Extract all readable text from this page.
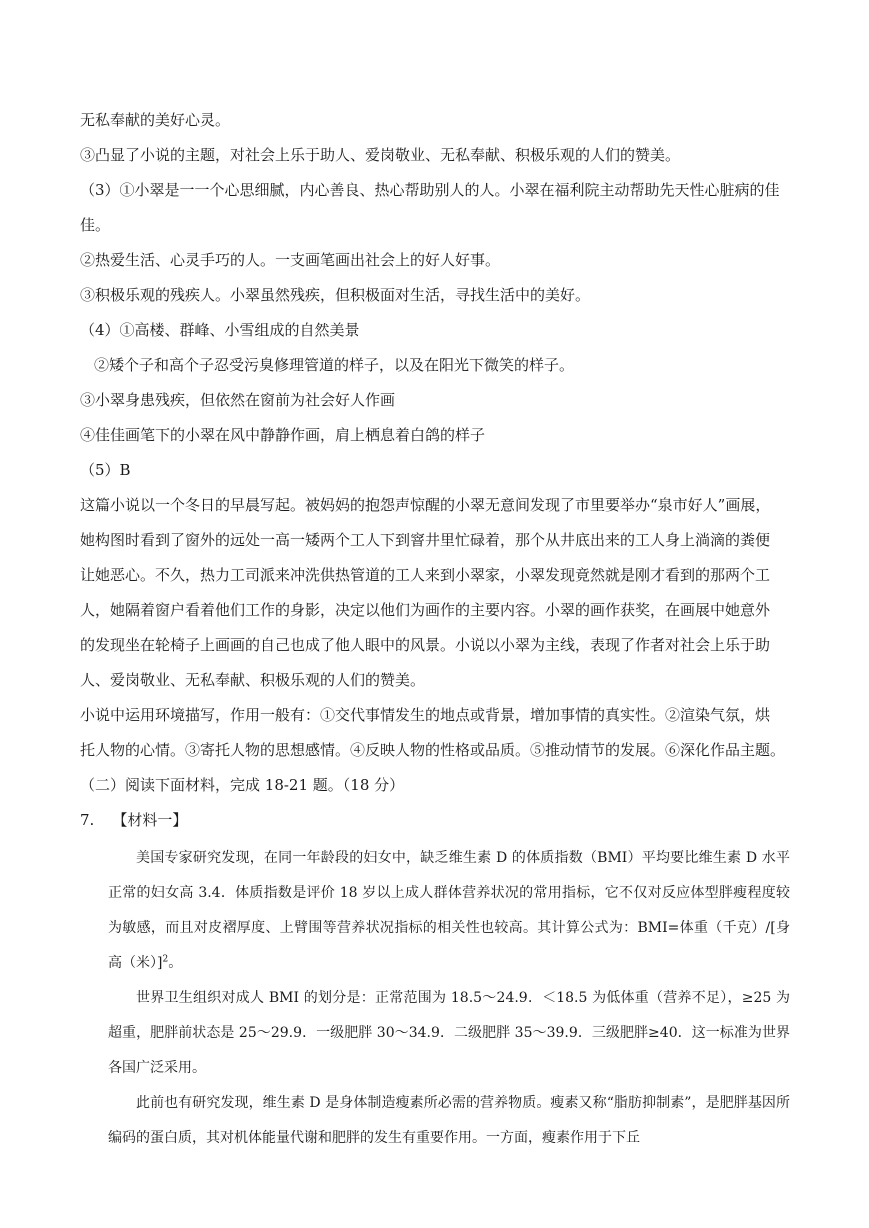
无私奉献的美好心灵。
③凸显了小说的主题，对社会上乐于助人、爱岗敬业、无私奉献、积极乐观的人们的赞美。
（3）①小翠是一一个心思细腻，内心善良、热心帮助别人的人。小翠在福利院主动帮助先天性心脏病的佳
佳。
②热爱生活、心灵手巧的人。一支画笔画出社会上的好人好事。
③积极乐观的残疾人。小翠虽然残疾，但积极面对生活，寻找生活中的美好。
（4）①高楼、群峰、小雪组成的自然美景
②矮个子和高个子忍受污臭修理管道的样子，以及在阳光下微笑的样子。
③小翠身患残疾，但依然在窗前为社会好人作画
④佳佳画笔下的小翠在风中静静作画，肩上栖息着白鸽的样子
（5）B
这篇小说以一个冬日的早晨写起。被妈妈的抱怨声惊醒的小翠无意间发现了市里要举办“泉市好人”画展，
她构图时看到了窗外的远处一高一矮两个工人下到窨井里忙碌着，那个从井底出来的工人身上淌滴的粪便
让她恶心。不久，热力工司派来冲洗供热管道的工人来到小翠家，小翠发现竟然就是刚才看到的那两个工
人，她隔着窗户看着他们工作的身影，决定以他们为画作的主要内容。小翠的画作获奖，在画展中她意外
的发现坐在轮椅子上画画的自己也成了他人眼中的风景。小说以小翠为主线，表现了作者对社会上乐于助
人、爱岗敬业、无私奉献、积极乐观的人们的赞美。
小说中运用环境描写，作用一般有：①交代事情发生的地点或背景，增加事情的真实性。②渲染气氛，烘
托人物的心情。③寄托人物的思想感情。④反映人物的性格或品质。⑤推动情节的发展。⑥深化作品主题。
（二）阅读下面材料，完成 18-21 题。（18 分）
7. 【材料一】
美国专家研究发现，在同一年龄段的妇女中，缺乏维生素 D 的体质指数（BMI）平均要比维生素 D 水平正常的妇女高 3.4．体质指数是评价 18 岁以上成人群体营养状况的常用指标，它不仅对反应体型胖瘦程度较为敏感，而且对皮褶厚度、上臂围等营养状况指标的相关性也较高。其计算公式为：BMI=体重（千克）/[身高（米）]$^2$。
世界卫生组织对成人 BMI 的划分是：正常范围为 18.5～24.9．＜18.5 为低体重（营养不足），≥25 为超重，肥胖前状态是 25～29.9．一级肥胖 30～34.9．二级肥胖 35～39.9．三级肥胖≥40．这一标准为世界各国广泛采用。
此前也有研究发现，维生素 D 是身体制造瘦素所必需的营养物质。瘦素又称“脂肪抑制素”，是肥胖基因所编码的蛋白质，其对机体能量代谢和肥胖的发生有重要作用。一方面，瘦素作用于下丘
